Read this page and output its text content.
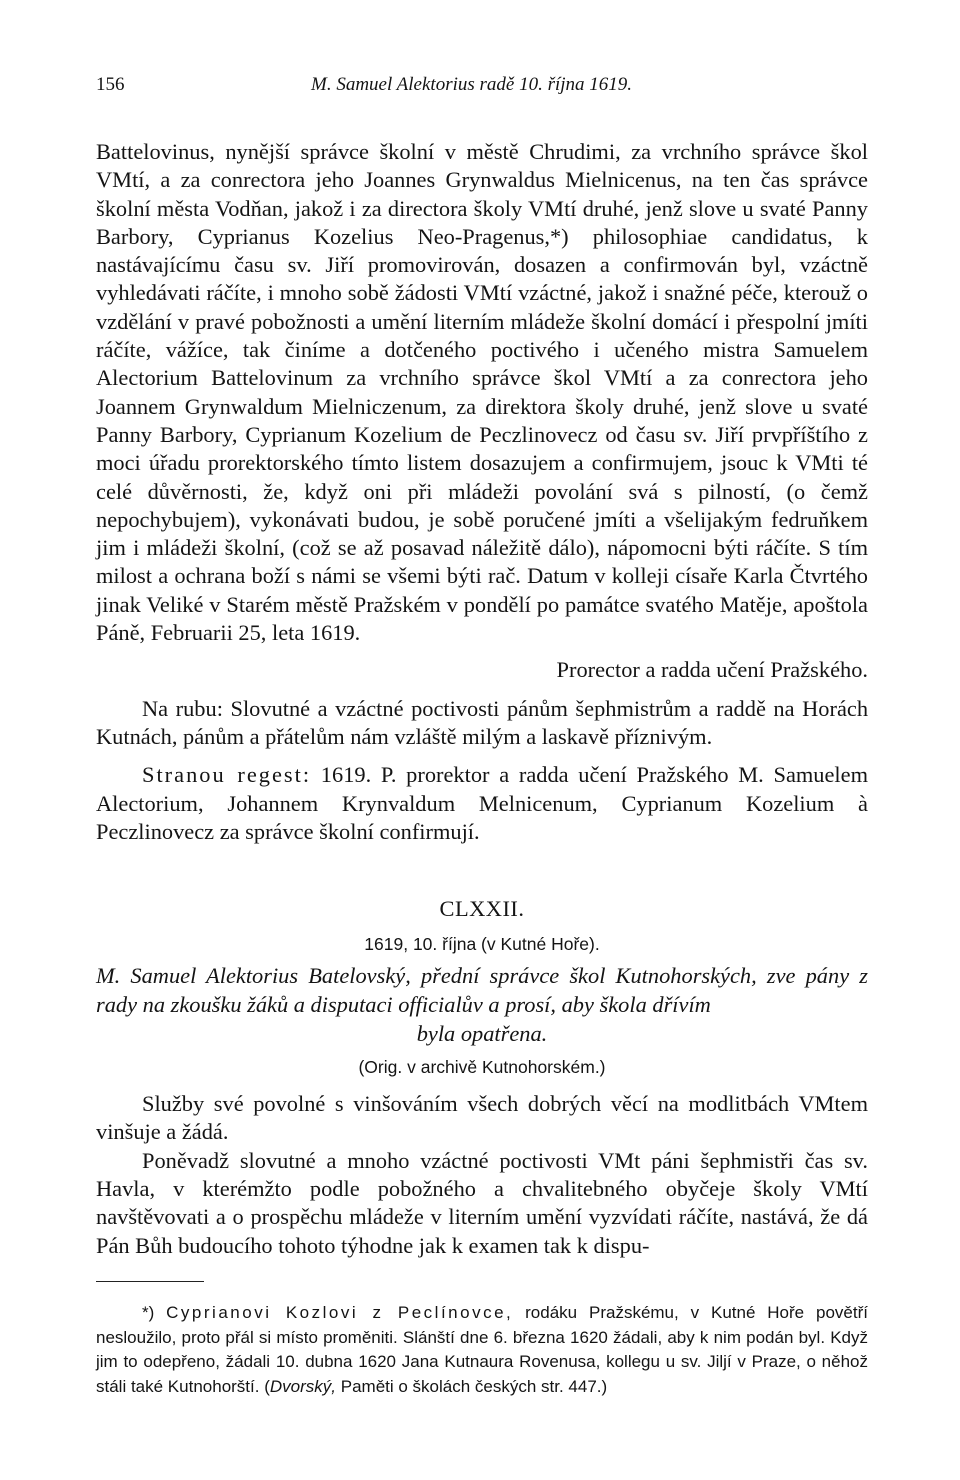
156	M. Samuel Alektorius radě 10. října 1619.

Battelovinus, nynější správce školní v městě Chrudimi, za vrchního správce škol VMtí, a za conrectora jeho Joannes Grynwaldus Mielnicenus, na ten čas správce školní města Vodňan, jakož i za directora školy VMtí druhé, jenž slove u svaté Panny Barbory, Cyprianus Kozelius Neo-Pragenus,*) philosophiae candidatus, k nastávajícímu času sv. Jiří promovirován, dosazen a confirmován byl, vzáctně vyhledávati ráčíte, i mnoho sobě žádosti VMtí vzáctné, jakož i snažné péče, kterouž o vzdělání v pravé pobožnosti a umění literním mládeže školní domácí i přespolní jmíti ráčíte, vážíce, tak činíme a dotčeného poctivého i učeného mistra Samuelem Alectorium Battelovinum za vrchního správce škol VMtí a za conrectora jeho Joannem Grynwaldum Mielniczenum, za direktora školy druhé, jenž slove u svaté Panny Barbory, Cyprianum Kozelium de Peczlinovecz od času sv. Jiří prvpříštího z moci úřadu prorektorského tímto listem dosazujem a confirmujem, jsouc k VMti té celé důvěrnosti, že, když oni při mládeži povolání svá s pilností, (o čemž nepochybujem), vykonávati budou, je sobě poručené jmíti a všelijakým fedruňkem jim i mládeži školní, (což se až posavad náležitě dálo), nápomocni býti ráčíte. S tím milost a ochrana boží s námi se všemi býti rač. Datum v kolleji císaře Karla Čtvrtého jinak Veliké v Starém městě Pražském v pondělí po památce svatého Matěje, apoštola Páně, Februarii 25, leta 1619.

Prorector a radda učení Pražského.

Na rubu: Slovutné a vzáctné poctivosti pánům šephmistrům a raddě na Horách Kutnách, pánům a přátelům nám vzláště milým a laskavě příznivým.

Stranou regest: 1619. P. prorektor a radda učení Pražského M. Samuelem Alectorium, Johannem Krynvaldum Melnicenum, Cyprianum Kozelium à Peczlinovecz za správce školní confirmují.

CLXXII.
1619, 10. října (v Kutné Hoře).
M. Samuel Alektorius Batelovský, přední správce škol Kutnohorských, zve pány z rady na zkoušku žáků a disputaci officialův a prosí, aby škola dřívím
byla opatřena.
(Orig. v archivě Kutnohorském.)

Služby své povolné s vinšováním všech dobrých věcí na modlitbách VMtem vinšuje a žádá.

Poněvadž slovutné a mnoho vzáctné poctivosti VMt páni šephmistři čas sv. Havla, v kterémžto podle pobožného a chvalitebného obyčeje školy VMtí navštěvovati a o prospěchu mládeže v literním umění vyzvídati ráčíte, nastává, že dá Pán Bůh budoucího tohoto týhodne jak k examen tak k dispu-

*) Cyprianovi Kozlovi z Peclínovce, rodáku Pražskému, v Kutné Hoře povětří nesloužilo, proto přál si místo proměniti. Slánští dne 6. března 1620 žádali, aby k nim podán byl. Když jim to odepřeno, žádali 10. dubna 1620 Jana Kutnaura Rovenusa, kollegu u sv. Jiljí v Praze, o něhož stáli také Kutnohorští. (Dvorský, Paměti o školách českých str. 447.)
